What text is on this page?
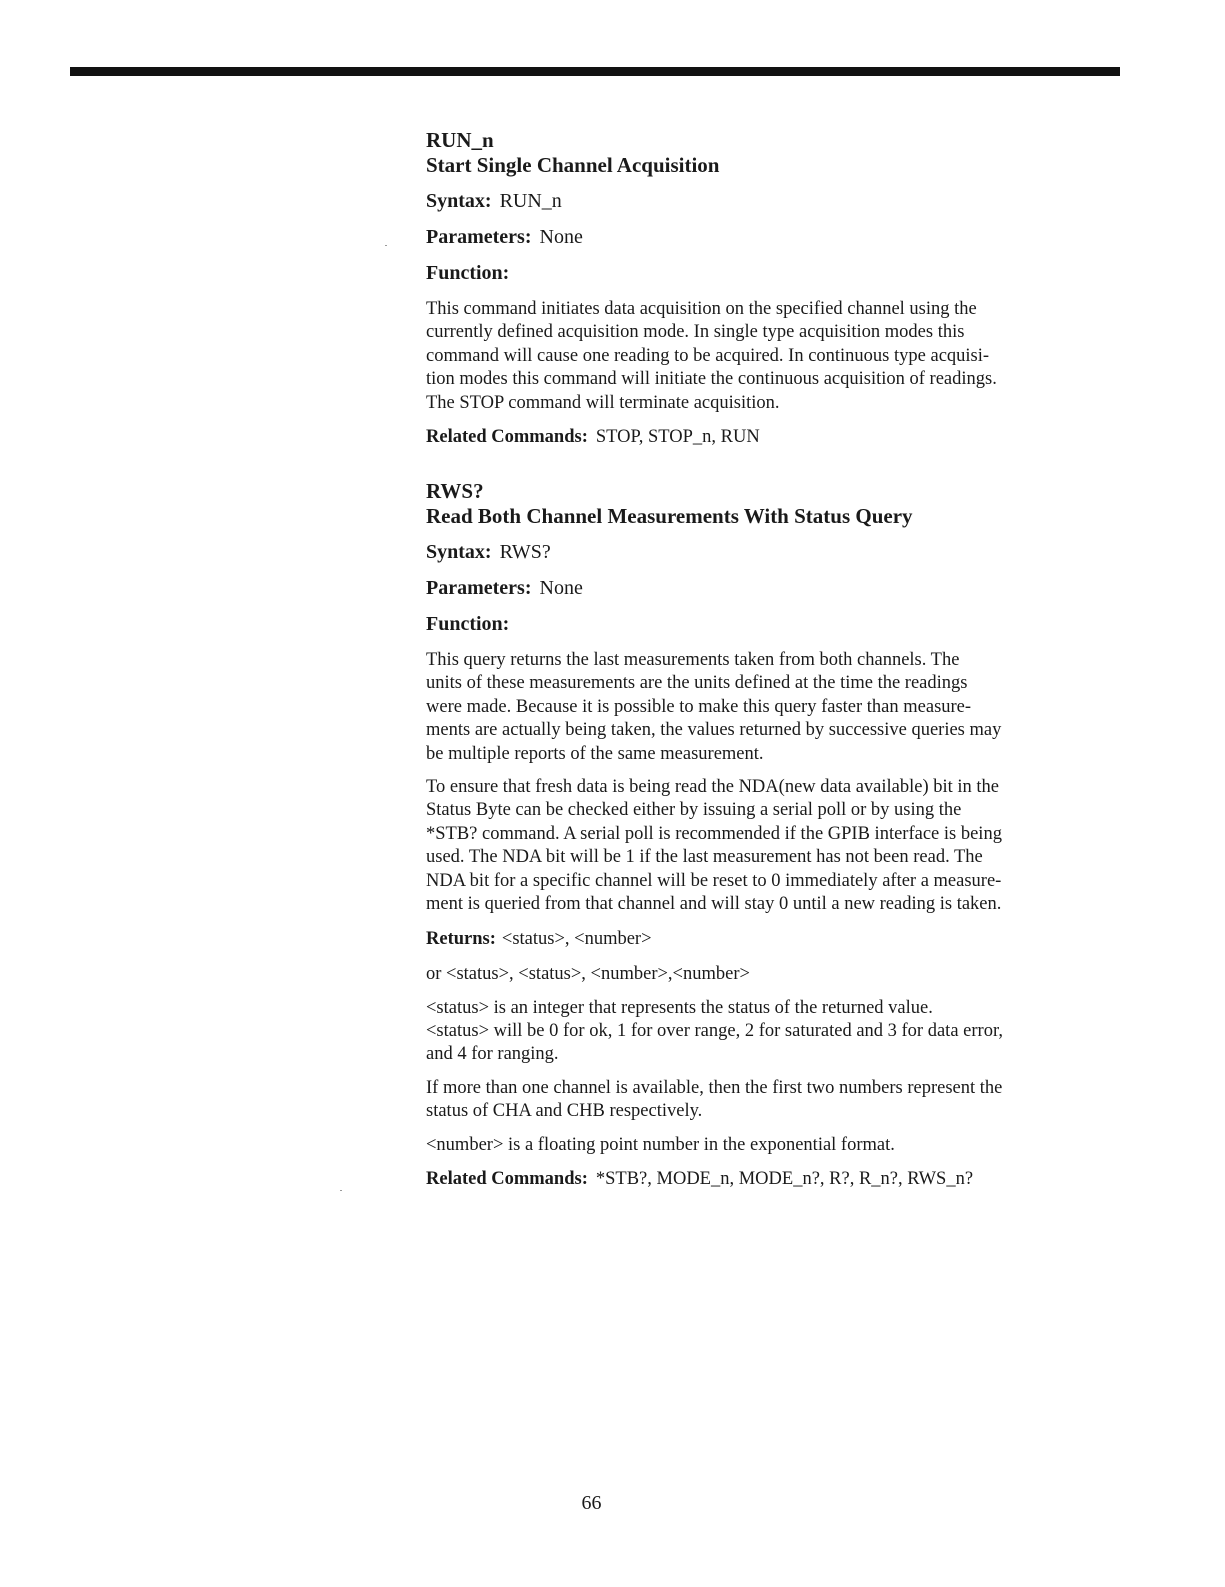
RUN_n

Start Single Channel Acquisition

Syntax: RUN_n

Parameters: None

Function:

This command initiates data acquisition on the specified channel using the
currently defined acquisition mode. In single type acquisition modes this
command will cause one reading to be acquired. In continuous type acquisi-
tion modes this command will initiate the continuous acquisition of readings.
The STOP command will terminate acquisition.

Related Commands: STOP, STOP_n, RUN

RWS?

Read Both Channel Measurements With Status Query

Syntax: RWS?

Parameters: None

Function:

This query returns the last measurements taken from both channels. The
units of these measurements are the units defined at the time the readings
were made. Because it is possible to make this query faster than measure-
ments are actually being taken, the values returned by successive queries may
be multiple reports of the same measurement.

To ensure that fresh data is being read the NDA(new data available) bit in the
Status Byte can be checked either by issuing a serial poll or by using the
*STB? command. A serial poll is recommended if the GPIB interface is being
used. The NDA bit will be 1 if the last measurement has not been read. The
NDA bit for a specific channel will be reset to 0 immediately after a measure-
ment is queried from that channel and will stay 0 until a new reading is taken.

Returns: <status>, <number>

or <status>, <status>, <number>,<number>

<status> is an integer that represents the status of the returned value.
<status> will be 0 for ok, 1 for over range, 2 for saturated and 3 for data error,
and 4 for ranging.

If more than one channel is available, then the first two numbers represent the
status of CHA and CHB respectively.

<number> is a floating point number in the exponential format.

Related Commands: *STB?, MODE_n, MODE_n?, R?, R_n?, RWS_n?

66
